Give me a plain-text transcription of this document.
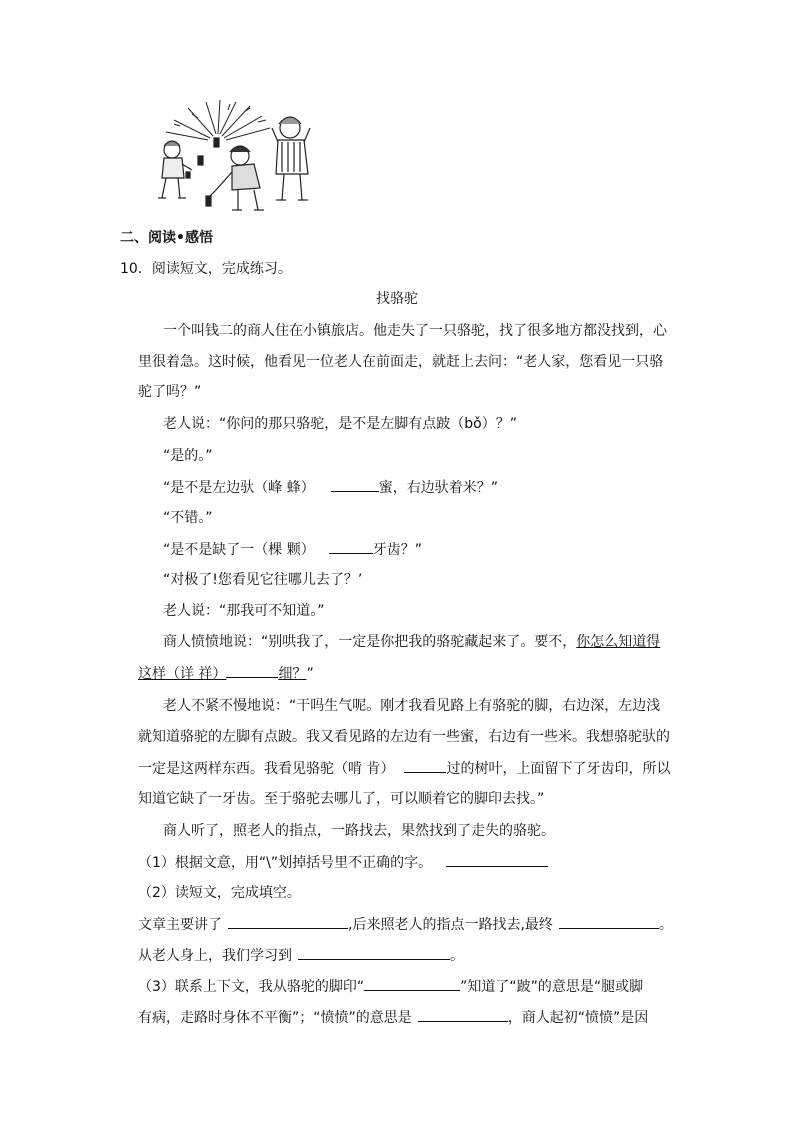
二、阅读•感悟
10．阅读短文，完成练习。
找骆驼
一个叫钱二的商人住在小镇旅店。他走失了一只骆驼，找了很多地方都没找到，心
里很着急。这时候，他看见一位老人在前面走，就赶上去问：“老人家，您看见一只骆
驼了吗？”
老人说：“你问的那只骆驼，是不是左脚有点跛（bǒ）？”
“是的。”
“是不是左边驮（峰 蜂）	蜜，右边驮着米？”
“不错。”
“是不是缺了一（棵 颗）	牙齿？”
“对极了!您看见它往哪儿去了？’
老人说：“那我可不知道。”
商人愤愤地说：“别哄我了，一定是你把我的骆驼藏起来了。要不，你怎么知道得
这样（详 祥）	细？”
老人不紧不慢地说：“干吗生气呢。刚才我看见路上有骆驼的脚，右边深，左边浅
就知道骆驼的左脚有点跛。我又看见路的左边有一些蜜，右边有一些米。我想骆驼驮的
一定是这两样东西。我看见骆驼（啃 肯）	过的树叶，上面留下了牙齿印，所以
知道它缺了一牙齿。至于骆驼去哪儿了，可以顺着它的脚印去找。”
商人听了，照老人的指点，一路找去，果然找到了走失的骆驼。
（1）根据文意，用“\”划掉括号里不正确的字。
（2）读短文，完成填空。
文章主要讲了	,后来照老人的指点一路找去,最终	。
从老人身上，我们学习到	。
（3）联系上下文，我从骆驼的脚印“	”知道了“跛”的意思是“腿或脚
有病，走路时身体不平衡”；“愤愤”的意思是	，商人起初“愤愤”是因
